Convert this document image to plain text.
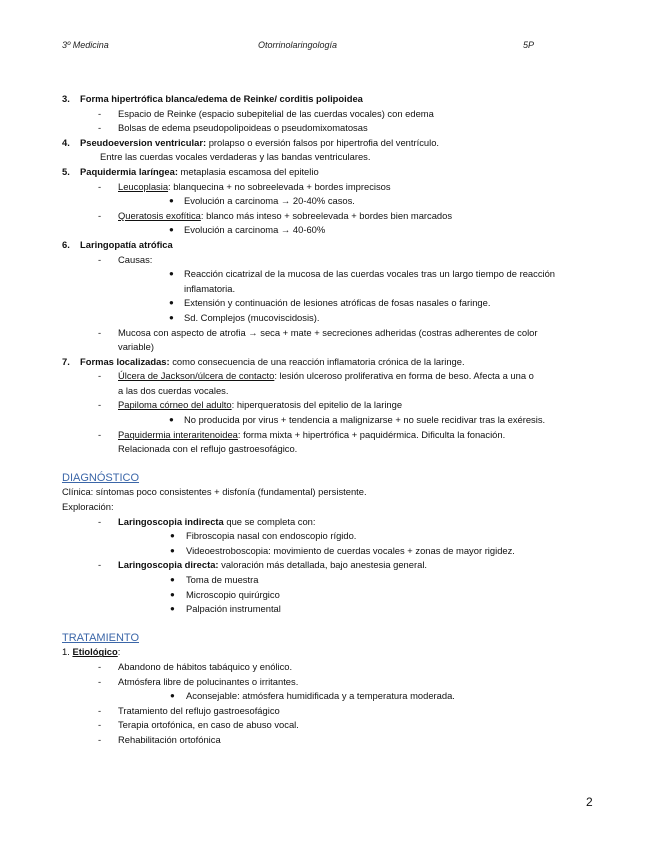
3º Medicina	Otorrinolaringología	5P

3. Forma hipertrófica blanca/edema de Reinke/ corditis polipoidea

- Espacio de Reinke (espacio subepitelial de las cuerdas vocales) con edema

- Bolsas de edema pseudopolipoideas o pseudomixomatosas

4. Pseudoeversion ventricular: prolapso o eversión falsos por hipertrofia del ventrículo.

Entre las cuerdas vocales verdaderas y las bandas ventriculares.

5. Paquidermia laríngea: metaplasia escamosa del epitelio

- Leucoplasia: blanquecina + no sobreelevada + bordes imprecisos

● Evolución a carcinoma → 20-40% casos.

- Queratosis exofítica: blanco más inteso + sobreelevada + bordes bien marcados

● Evolución a carcinoma → 40-60%

6. Laringopatía atrófica

- Causas:

● Reacción cicatrizal de la mucosa de las cuerdas vocales tras un largo tiempo de reacción

inflamatoria.

● Extensión y continuación de lesiones atróficas de fosas nasales o faringe.

● Sd. Complejos (mucoviscidosis).

- Mucosa con aspecto de atrofia → seca + mate + secreciones adheridas (costras adherentes de color

variable)

7. Formas localizadas: como consecuencia de una reacción inflamatoria crónica de la laringe.

- Úlcera de Jackson/úlcera de contacto: lesión ulceroso proliferativa en forma de beso. Afecta a una o

a las dos cuerdas vocales.

- Papiloma córneo del adulto: hiperqueratosis del epitelio de la laringe

● No producida por virus + tendencia a malignizarse + no suele recidivar tras la exéresis.

- Paquidermia interaritenoidea: forma mixta + hipertrófica + paquidérmica. Dificulta la fonación.

Relacionada con el reflujo gastroesofágico.

DIAGNÓSTICO

Clínica: síntomas poco consistentes + disfonía (fundamental) persistente.

Exploración:

- Laringoscopia indirecta que se completa con:

● Fibroscopia nasal con endoscopio rígido.

● Videoestroboscopia: movimiento de cuerdas vocales + zonas de mayor rigidez.

- Laringoscopia directa: valoración más detallada, bajo anestesia general.

● Toma de muestra

● Microscopio quirúrgico

● Palpación instrumental

TRATAMIENTO

1. Etiológico:

- Abandono de hábitos tabáquico y enólico.

- Atmósfera libre de polucinantes o irritantes.

● Aconsejable: atmósfera humidificada y a temperatura moderada.

- Tratamiento del reflujo gastroesofágico

- Terapia ortofónica, en caso de abuso vocal.

- Rehabilitación ortofónica

2
